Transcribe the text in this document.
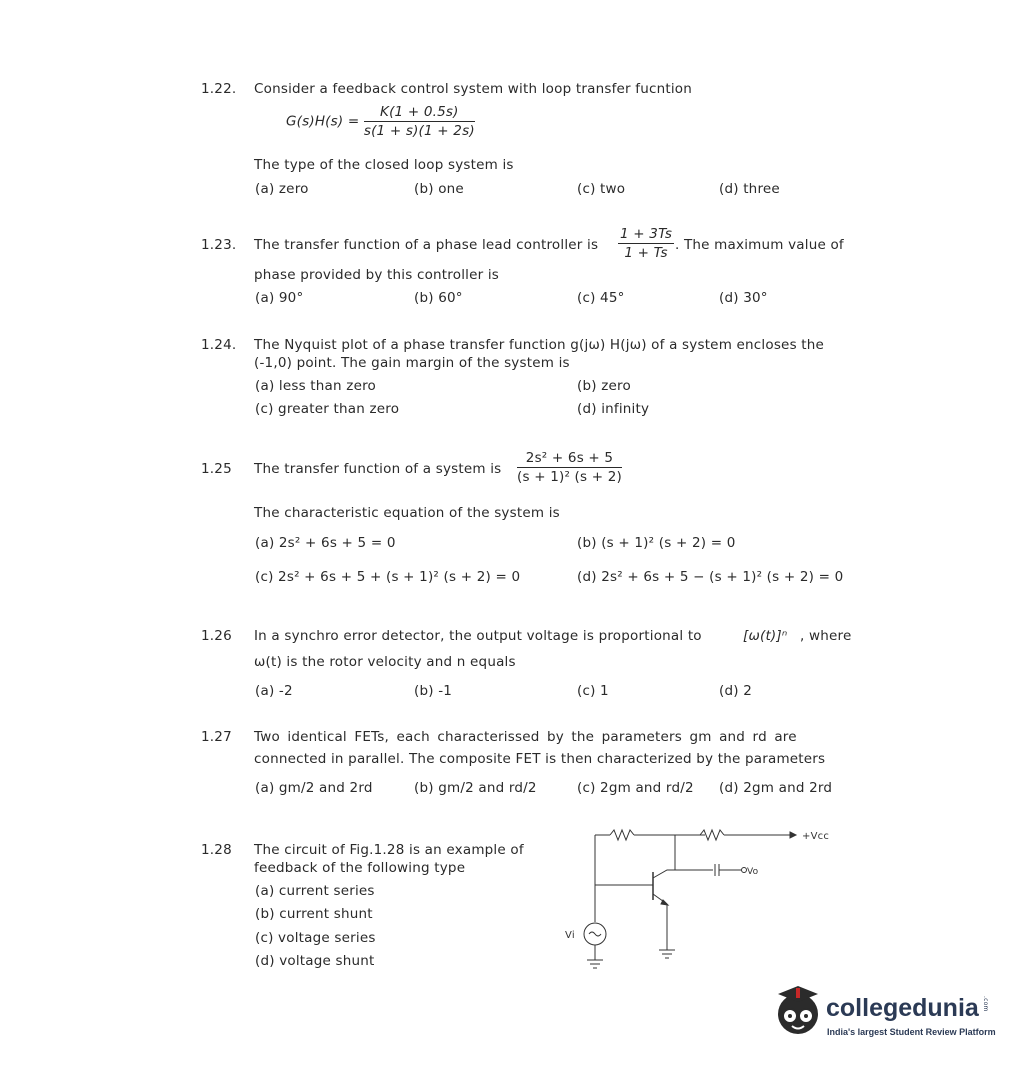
1.22. Consider a feedback control system with loop transfer fucntion
$G(s)H(s) = \frac{K(1 + 0.5s)}{s(1 + s)(1 + 2s)}$
The type of the closed loop system is
(a) zero	(b) one	(c) two	(d) three
1.23. The transfer function of a phase lead controller is $\frac{1 + 3Ts}{1 + Ts}$ . The maximum value of
phase provided by this controller is
(a) 90°	(b) 60°	(c) 45°	(d) 30°
1.24. The Nyquist plot of a phase transfer function g(jω) H(jω) of a system encloses the
(-1,0) point. The gain margin of the system is
(a) less than zero	(b) zero
(c) greater than zero	(d) infinity
1.25 The transfer function of a system is $\frac{\text{2s² + 6s + 5}}{\text{(s + 1)² (s + 2)}}$
The characteristic equation of the system is
(a) 2s² + 6s + 5 = 0	(b) (s + 1)² (s + 2) = 0
(c) 2s² + 6s + 5 + (s + 1)² (s + 2) = 0	(d) 2s² + 6s + 5 − (s + 1)² (s + 2) = 0
1.26 In a synchro error detector, the output voltage is proportional to	[ω(t)]ⁿ , where
ω(t) is the rotor velocity and n equals
(a) -2	(b) -1	(c) 1	(d) 2
1.27 Two identical FETs, each characterissed by the parameters gm and rd are
connected in parallel. The composite FET is then characterized by the parameters
(a) gm/2 and 2rd	(b) gm/2 and rd/2	(c) 2gm and rd/2 (d) 2gm and 2rd
1.28 The circuit of Fig.1.28 is an example of
feedback of the following type
(a) current series
(b) current shunt
(c) voltage series
(d) voltage shunt
+Vcc
Vo
Vi
collegedunia .com
India's largest Student Review Platform
